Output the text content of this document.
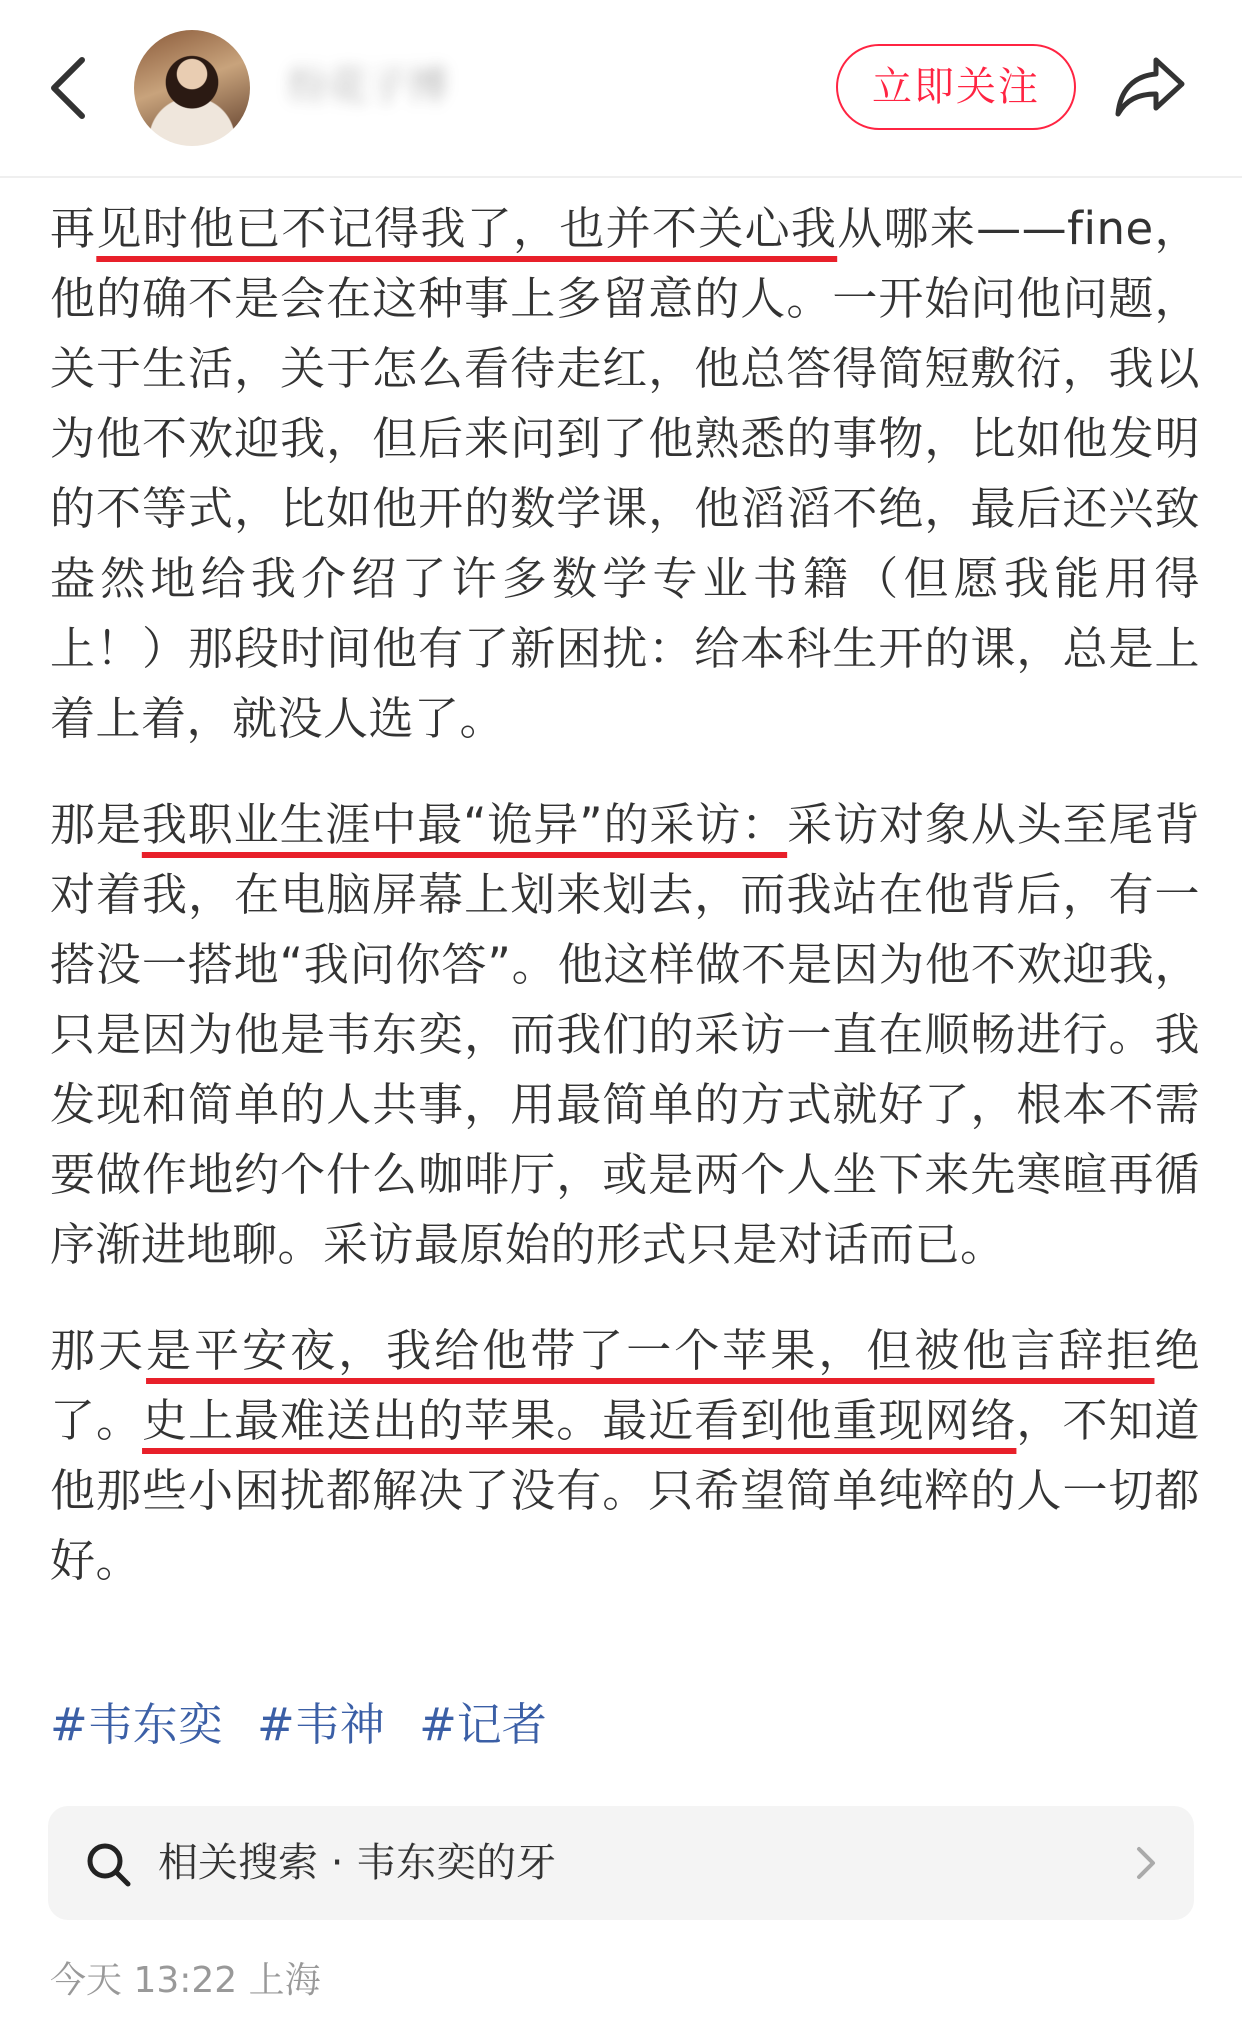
纷花子博	立即关注

再见时他已不记得我了，也并不关心我从哪来——fine，他的确不是会在这种事上多留意的人。一开始问他问题，关于生活，关于怎么看待走红，他总答得简短敷衍，我以为他不欢迎我，但后来问到了他熟悉的事物，比如他发明的不等式，比如他开的数学课，他滔滔不绝，最后还兴致盎然地给我介绍了许多数学专业书籍（但愿我能用得上！）那段时间他有了新困扰：给本科生开的课，总是上着上着，就没人选了。

那是我职业生涯中最“诡异”的采访：采访对象从头至尾背对着我，在电脑屏幕上划来划去，而我站在他背后，有一搭没一搭地“我问你答”。他这样做不是因为他不欢迎我，只是因为他是韦东奕，而我们的采访一直在顺畅进行。我发现和简单的人共事，用最简单的方式就好了，根本不需要做作地约个什么咖啡厅，或是两个人坐下来先寒暄再循序渐进地聊。采访最原始的形式只是对话而已。

那天是平安夜，我给他带了一个苹果，但被他言辞拒绝了。史上最难送出的苹果。最近看到他重现网络，不知道他那些小困扰都解决了没有。只希望简单纯粹的人一切都好。

#韦东奕 #韦神 #记者
相关搜索 · 韦东奕的牙
今天 13:22 上海
